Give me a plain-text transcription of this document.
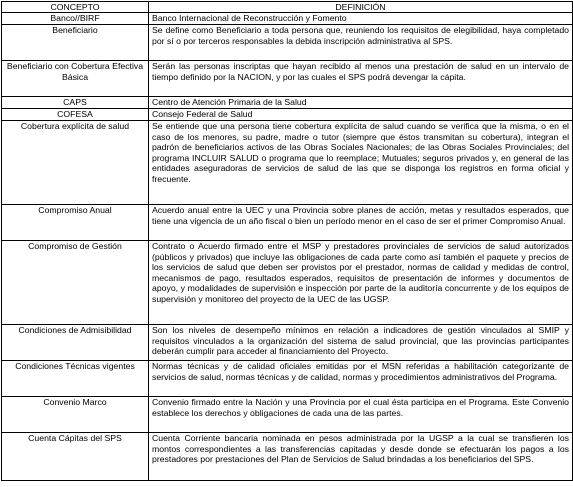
CONCEPTO	DEFINICIÓN
Banco//BIRF	Banco Internacional de Reconstrucción y Fomento
Beneficiario	Se define como Beneficiario a toda persona que, reuniendo los requisitos de elegibilidad, haya completado por sí o por terceros responsables la debida inscripción administrativa al SPS.
Beneficiario con Cobertura Efectiva Básica	Serán las personas inscriptas que hayan recibido al menos una prestación de salud en un intervalo de tiempo definido por la NACION, y por las cuales el SPS podrá devengar la cápita.
CAPS	Centro de Atención Primaria de la Salud
COFESA	Consejo Federal de Salud
Cobertura explícita de salud	Se entiende que una persona tiene cobertura explícita de salud cuando se verifica que la misma, o en el caso de los menores, su padre, madre o tutor (siempre que éstos transmitan su cobertura), integran el padrón de beneficiarios activos de las Obras Sociales Nacionales; de las Obras Sociales Provinciales; del programa INCLUIR SALUD o programa que lo reemplace; Mutuales; seguros privados y, en general de las entidades aseguradoras de servicios de salud de las que se disponga los registros en forma oficial y frecuente.
Compromiso Anual	Acuerdo anual entre la UEC y una Provincia sobre planes de acción, metas y resultados esperados, que tiene una vigencia de un año fiscal o bien un período menor en el caso de ser el primer Compromiso Anual.
Compromiso de Gestión	Contrato o Acuerdo firmado entre el MSP y prestadores provinciales de servicios de salud autorizados (públicos y privados) que incluye las obligaciones de cada parte como así también el paquete y precios de los servicios de salud que deben ser provistos por el prestador, normas de calidad y medidas de control, mecanismos de pago, resultados esperados, requisitos de presentación de informes y documentos de apoyo, y modalidades de supervisión e inspección por parte de la auditoría concurrente y de los equipos de supervisión y monitoreo del proyecto de la UEC de las UGSP.
Condiciones de Admisibilidad	Son los niveles de desempeño mínimos en relación a indicadores de gestión vinculados al SMIP y requisitos vinculados a la organización del sistema de salud provincial, que las provincias participantes deberán cumplir para acceder al financiamiento del Proyecto.
Condiciones Técnicas vigentes	Normas técnicas y de calidad oficiales emitidas por el MSN referidas a habilitación categorizante de servicios de salud, normas técnicas y de calidad, normas y procedimientos administrativos del Programa.
Convenio Marco	Convenio firmado entre la Nación y una Provincia por el cual ésta participa en el Programa. Este Convenio establece los derechos y obligaciones de cada una de las partes.
Cuenta Cápitas del SPS	Cuenta Corriente bancaria nominada en pesos administrada por la UGSP a la cual se transfieren los montos correspondientes a las transferencias capitadas y desde donde se efectuarán los pagos a los prestadores por prestaciones del Plan de Servicios de Salud brindadas a los beneficiarios del SPS.
